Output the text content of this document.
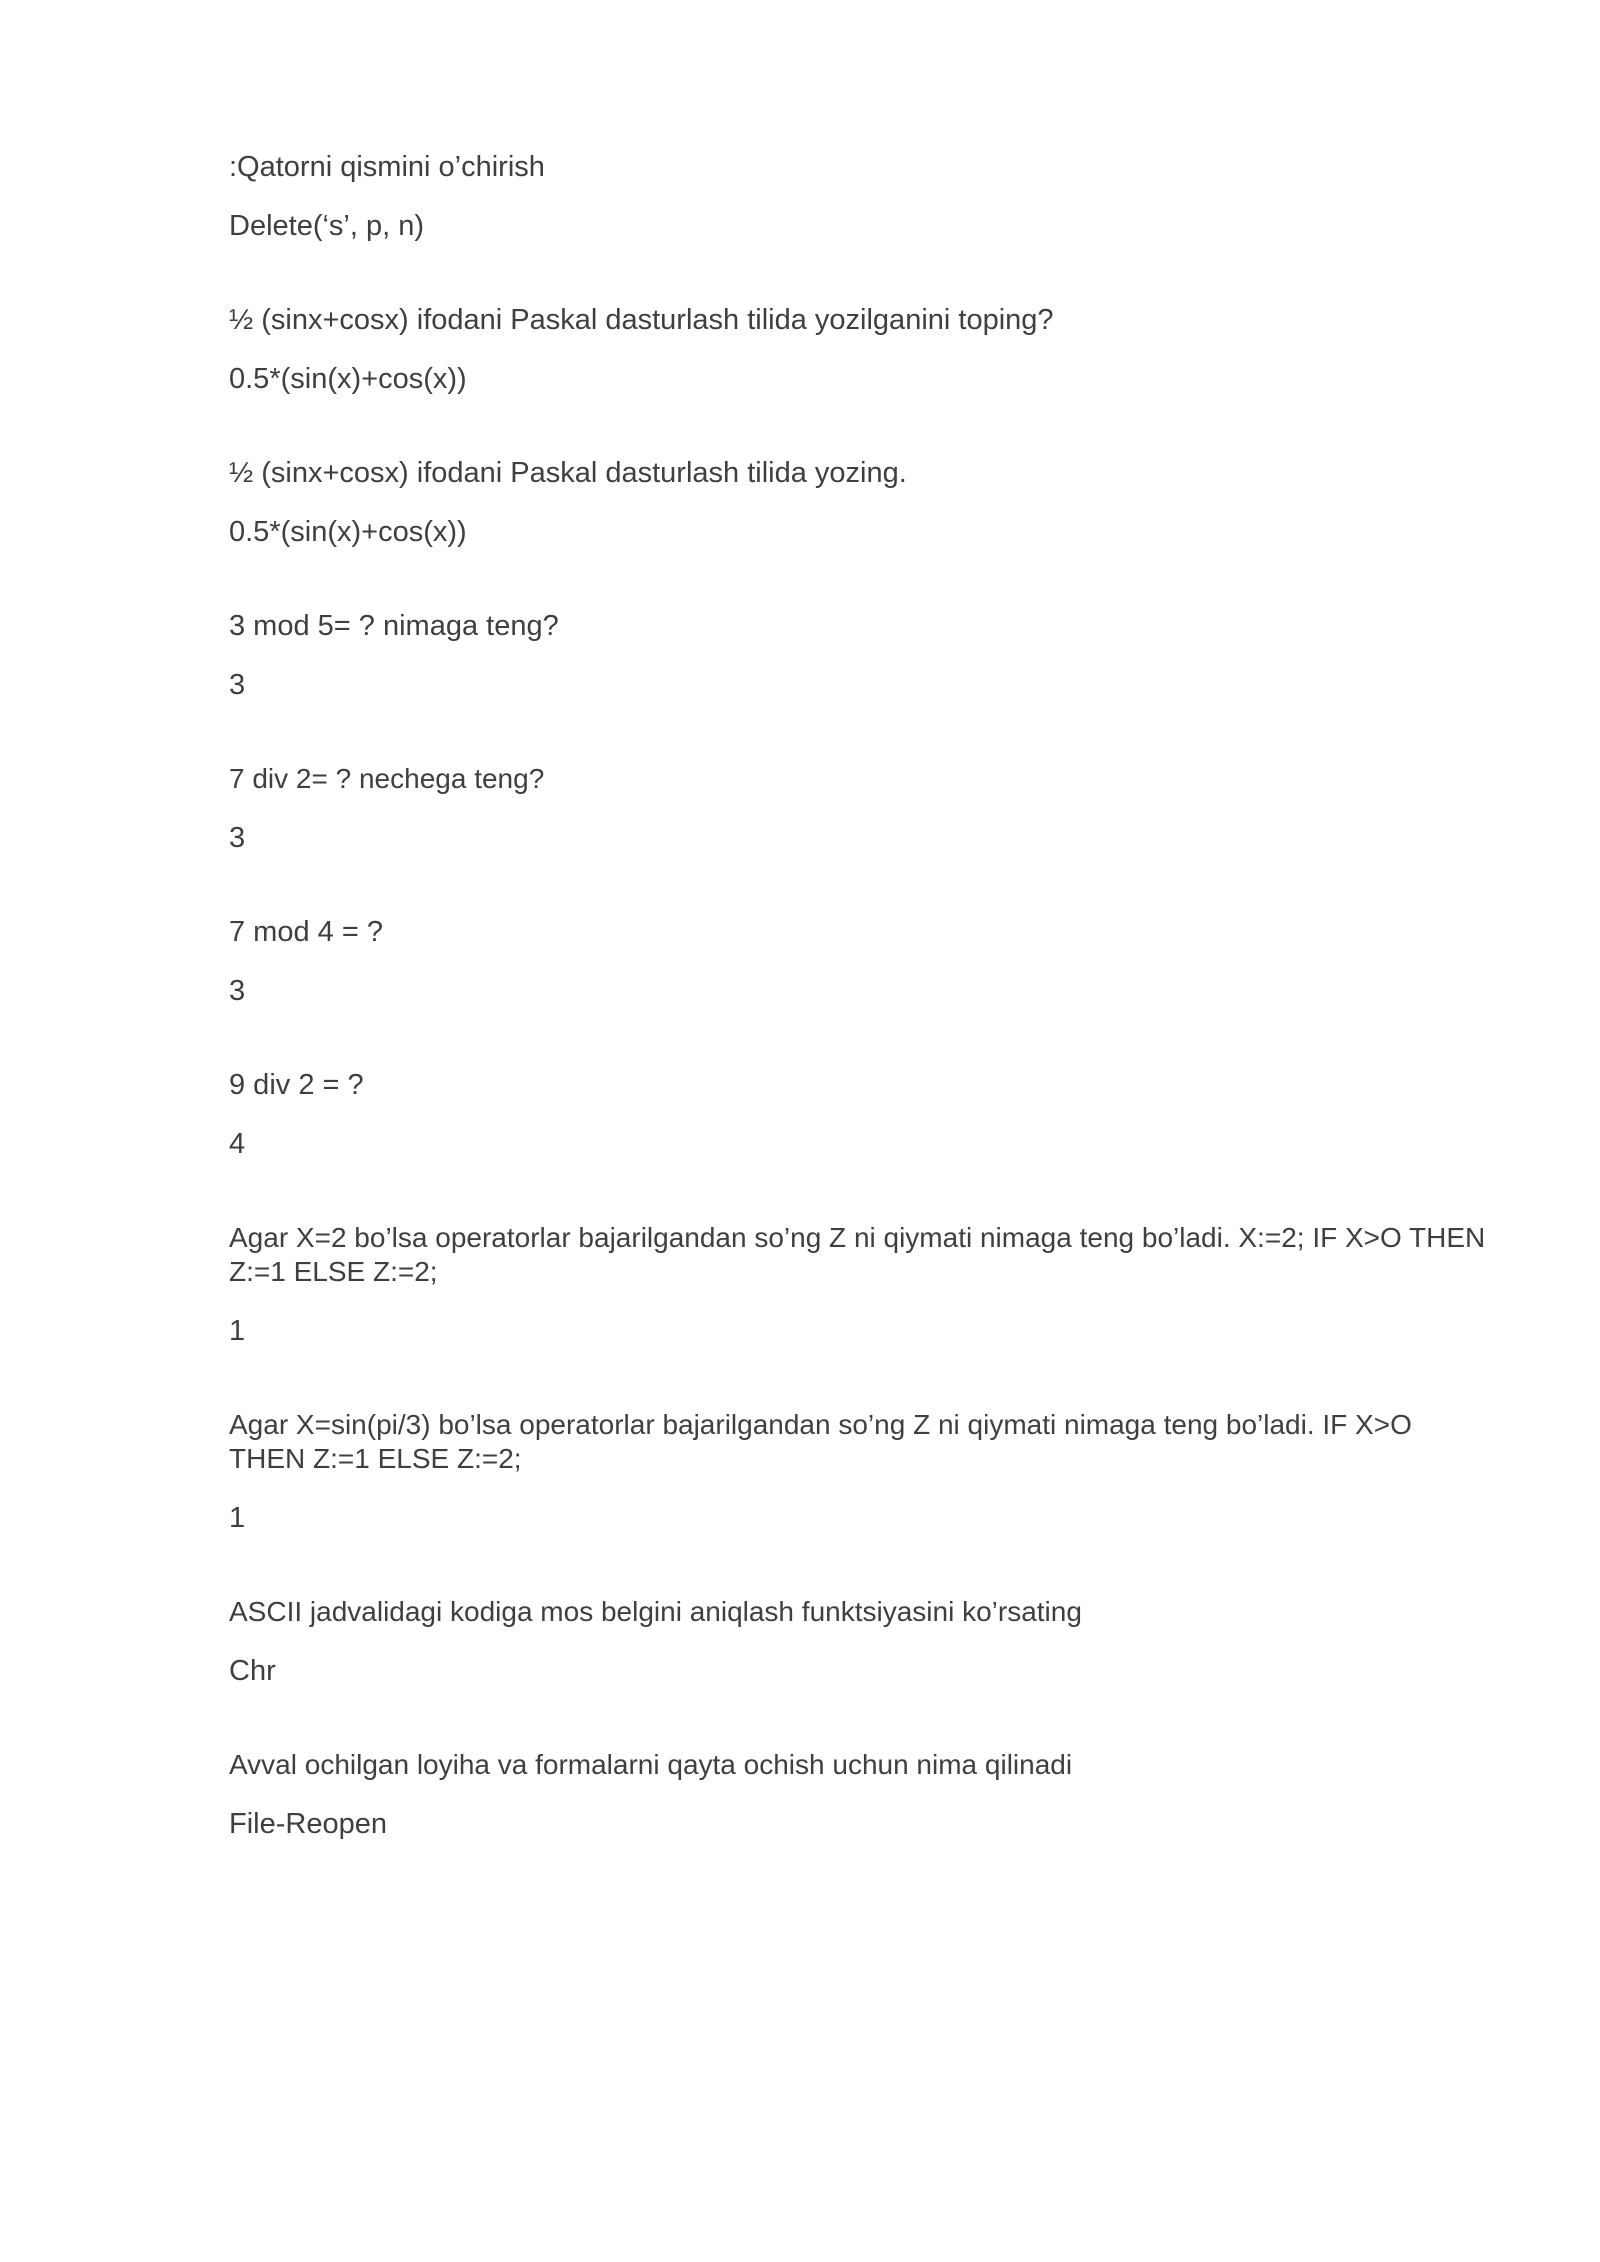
:Qatorni qismini o’chirish

Delete(‘s’, p, n)

½ (sinx+cosx) ifodani Paskal dasturlash tilida yozilganini toping?

0.5*(sin(x)+cos(x))

½ (sinx+cosx) ifodani Paskal dasturlash tilida yozing.

0.5*(sin(x)+cos(x))

3 mod 5= ? nimaga teng?

3

7 div 2= ? nechega teng?

3

7 mod 4 = ?

3

9 div 2 = ?

4

Agar X=2 bo’lsa operatorlar bajarilgandan so’ng Z ni qiymati nimaga teng bo’ladi. X:=2; IF X>O THEN Z:=1 ELSE Z:=2;

1

Agar X=sin(pi/3) bo’lsa operatorlar bajarilgandan so’ng Z ni qiymati nimaga teng bo’ladi. IF X>O THEN Z:=1 ELSE Z:=2;

1

ASCII jadvalidagi kodiga mos belgini aniqlash funktsiyasini ko’rsating

Chr

Avval ochilgan loyiha va formalarni qayta ochish uchun nima qilinadi

File-Reopen
